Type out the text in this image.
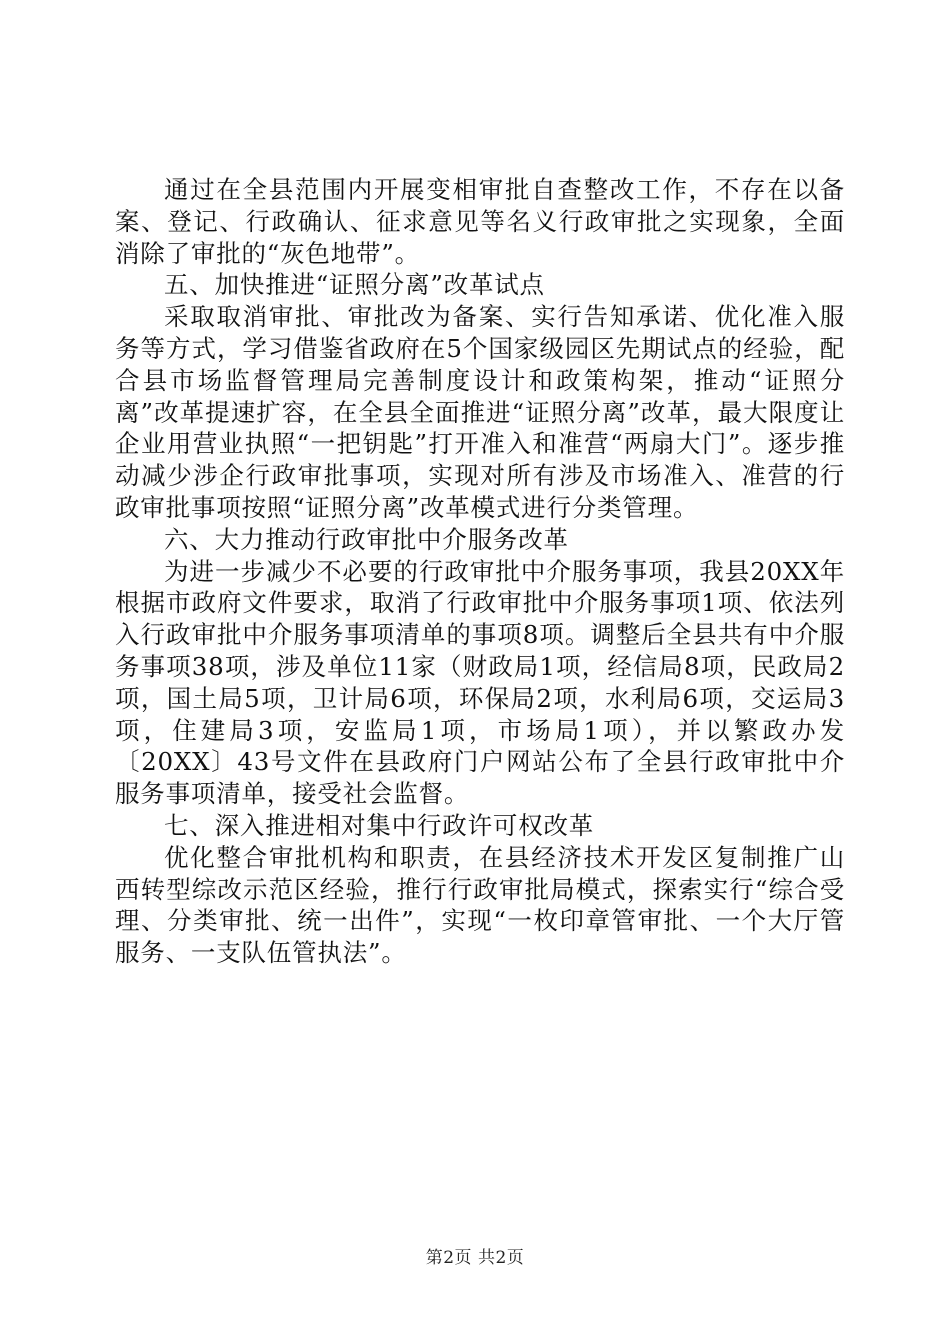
通过在全县范围内开展变相审批自查整改工作，不存在以备案、登记、行政确认、征求意见等名义行政审批之实现象，全面消除了审批的“灰色地带”。

五、加快推进“证照分离”改革试点

采取取消审批、审批改为备案、实行告知承诺、优化准入服务等方式，学习借鉴省政府在5个国家级园区先期试点的经验，配合县市场监督管理局完善制度设计和政策构架，推动“证照分离”改革提速扩容，在全县全面推进“证照分离”改革，最大限度让企业用营业执照“一把钥匙”打开准入和准营“两扇大门”。逐步推动减少涉企行政审批事项，实现对所有涉及市场准入、准营的行政审批事项按照“证照分离”改革模式进行分类管理。

六、大力推动行政审批中介服务改革

为进一步减少不必要的行政审批中介服务事项，我县20XX年根据市政府文件要求，取消了行政审批中介服务事项1项、依法列入行政审批中介服务事项清单的事项8项。调整后全县共有中介服务事项38项，涉及单位11家（财政局1项，经信局8项，民政局2项，国土局5项，卫计局6项，环保局2项，水利局6项，交运局3项，住建局3项，安监局1项，市场局1项），并以繁政办发〔20XX〕43号文件在县政府门户网站公布了全县行政审批中介服务事项清单，接受社会监督。

七、深入推进相对集中行政许可权改革

优化整合审批机构和职责，在县经济技术开发区复制推广山西转型综改示范区经验，推行行政审批局模式，探索实行“综合受理、分类审批、统一出件”，实现“一枚印章管审批、一个大厅管服务、一支队伍管执法”。

第2页 共2页
